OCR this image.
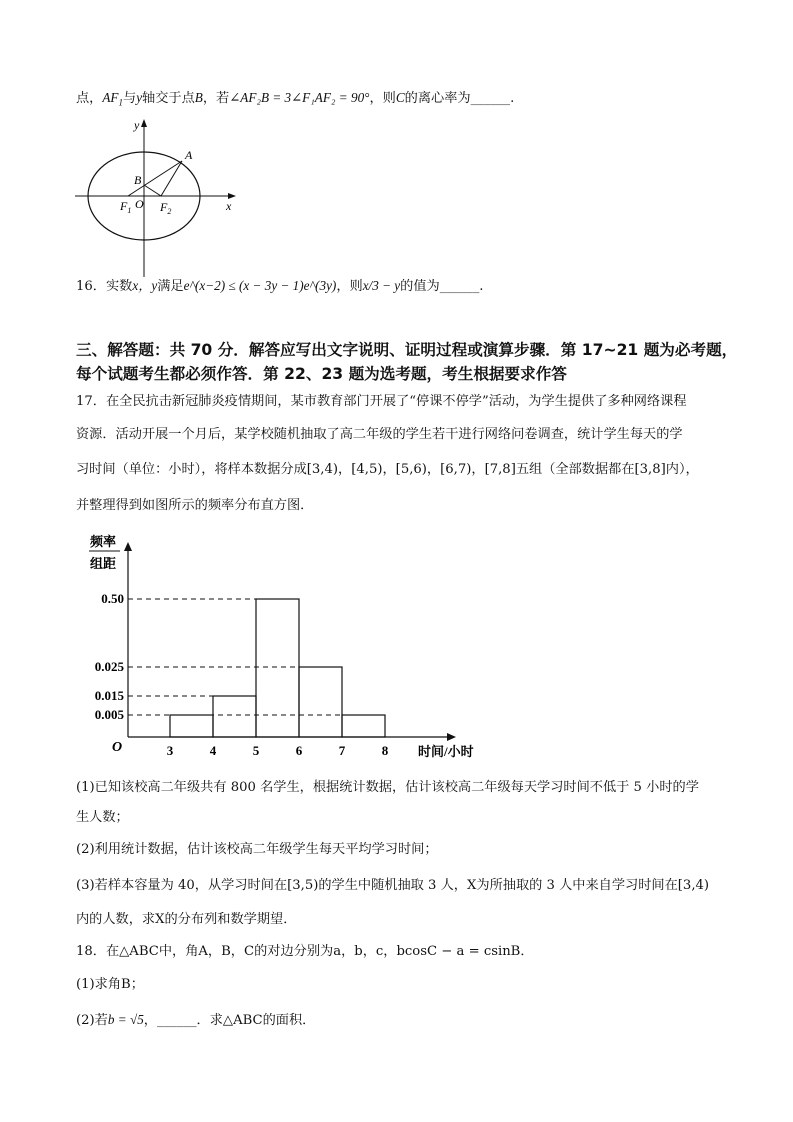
点，$AF_1$与y轴交于点B，若∠AF₂B = 3∠F₁AF₂ = 90°，则C的离心率为______.
y
x
A
B
$F_1$ O $F_2$
16．实数x，y满足e^(x−2) ≤ (x − 3y − 1)e^(3y)，则x/3 − y的值为______.
三、解答题：共 70 分．解答应写出文字说明、证明过程或演算步骤．第 17~21 题为必考题，
每个试题考生都必须作答．第 22、23 题为选考题，考生根据要求作答
17．在全民抗击新冠肺炎疫情期间，某市教育部门开展了“停课不停学”活动，为学生提供了多种网络课程
资源．活动开展一个月后，某学校随机抽取了高二年级的学生若干进行网络问卷调查，统计学生每天的学
习时间（单位：小时），将样本数据分成[3,4)，[4,5)，[5,6)，[6,7)，[7,8]五组（全部数据都在[3,8]内），
并整理得到如图所示的频率分布直方图．
频率
组距
O	时间/小时
3	4	5	6	7	8
0.50
0.025
0.015
0.005
(1)已知该校高二年级共有 800 名学生，根据统计数据，估计该校高二年级每天学习时间不低于 5 小时的学
生人数；
(2)利用统计数据，估计该校高二年级学生每天平均学习时间；
(3)若样本容量为 40，从学习时间在[3,5)的学生中随机抽取 3 人，X为所抽取的 3 人中来自学习时间在[3,4)
内的人数，求X的分布列和数学期望．
18．在△ABC中，角A，B，C的对边分别为a，b，c，bcosC − a = csinB．
(1)求角B；
(2)若b = √5，______．求△ABC的面积．
